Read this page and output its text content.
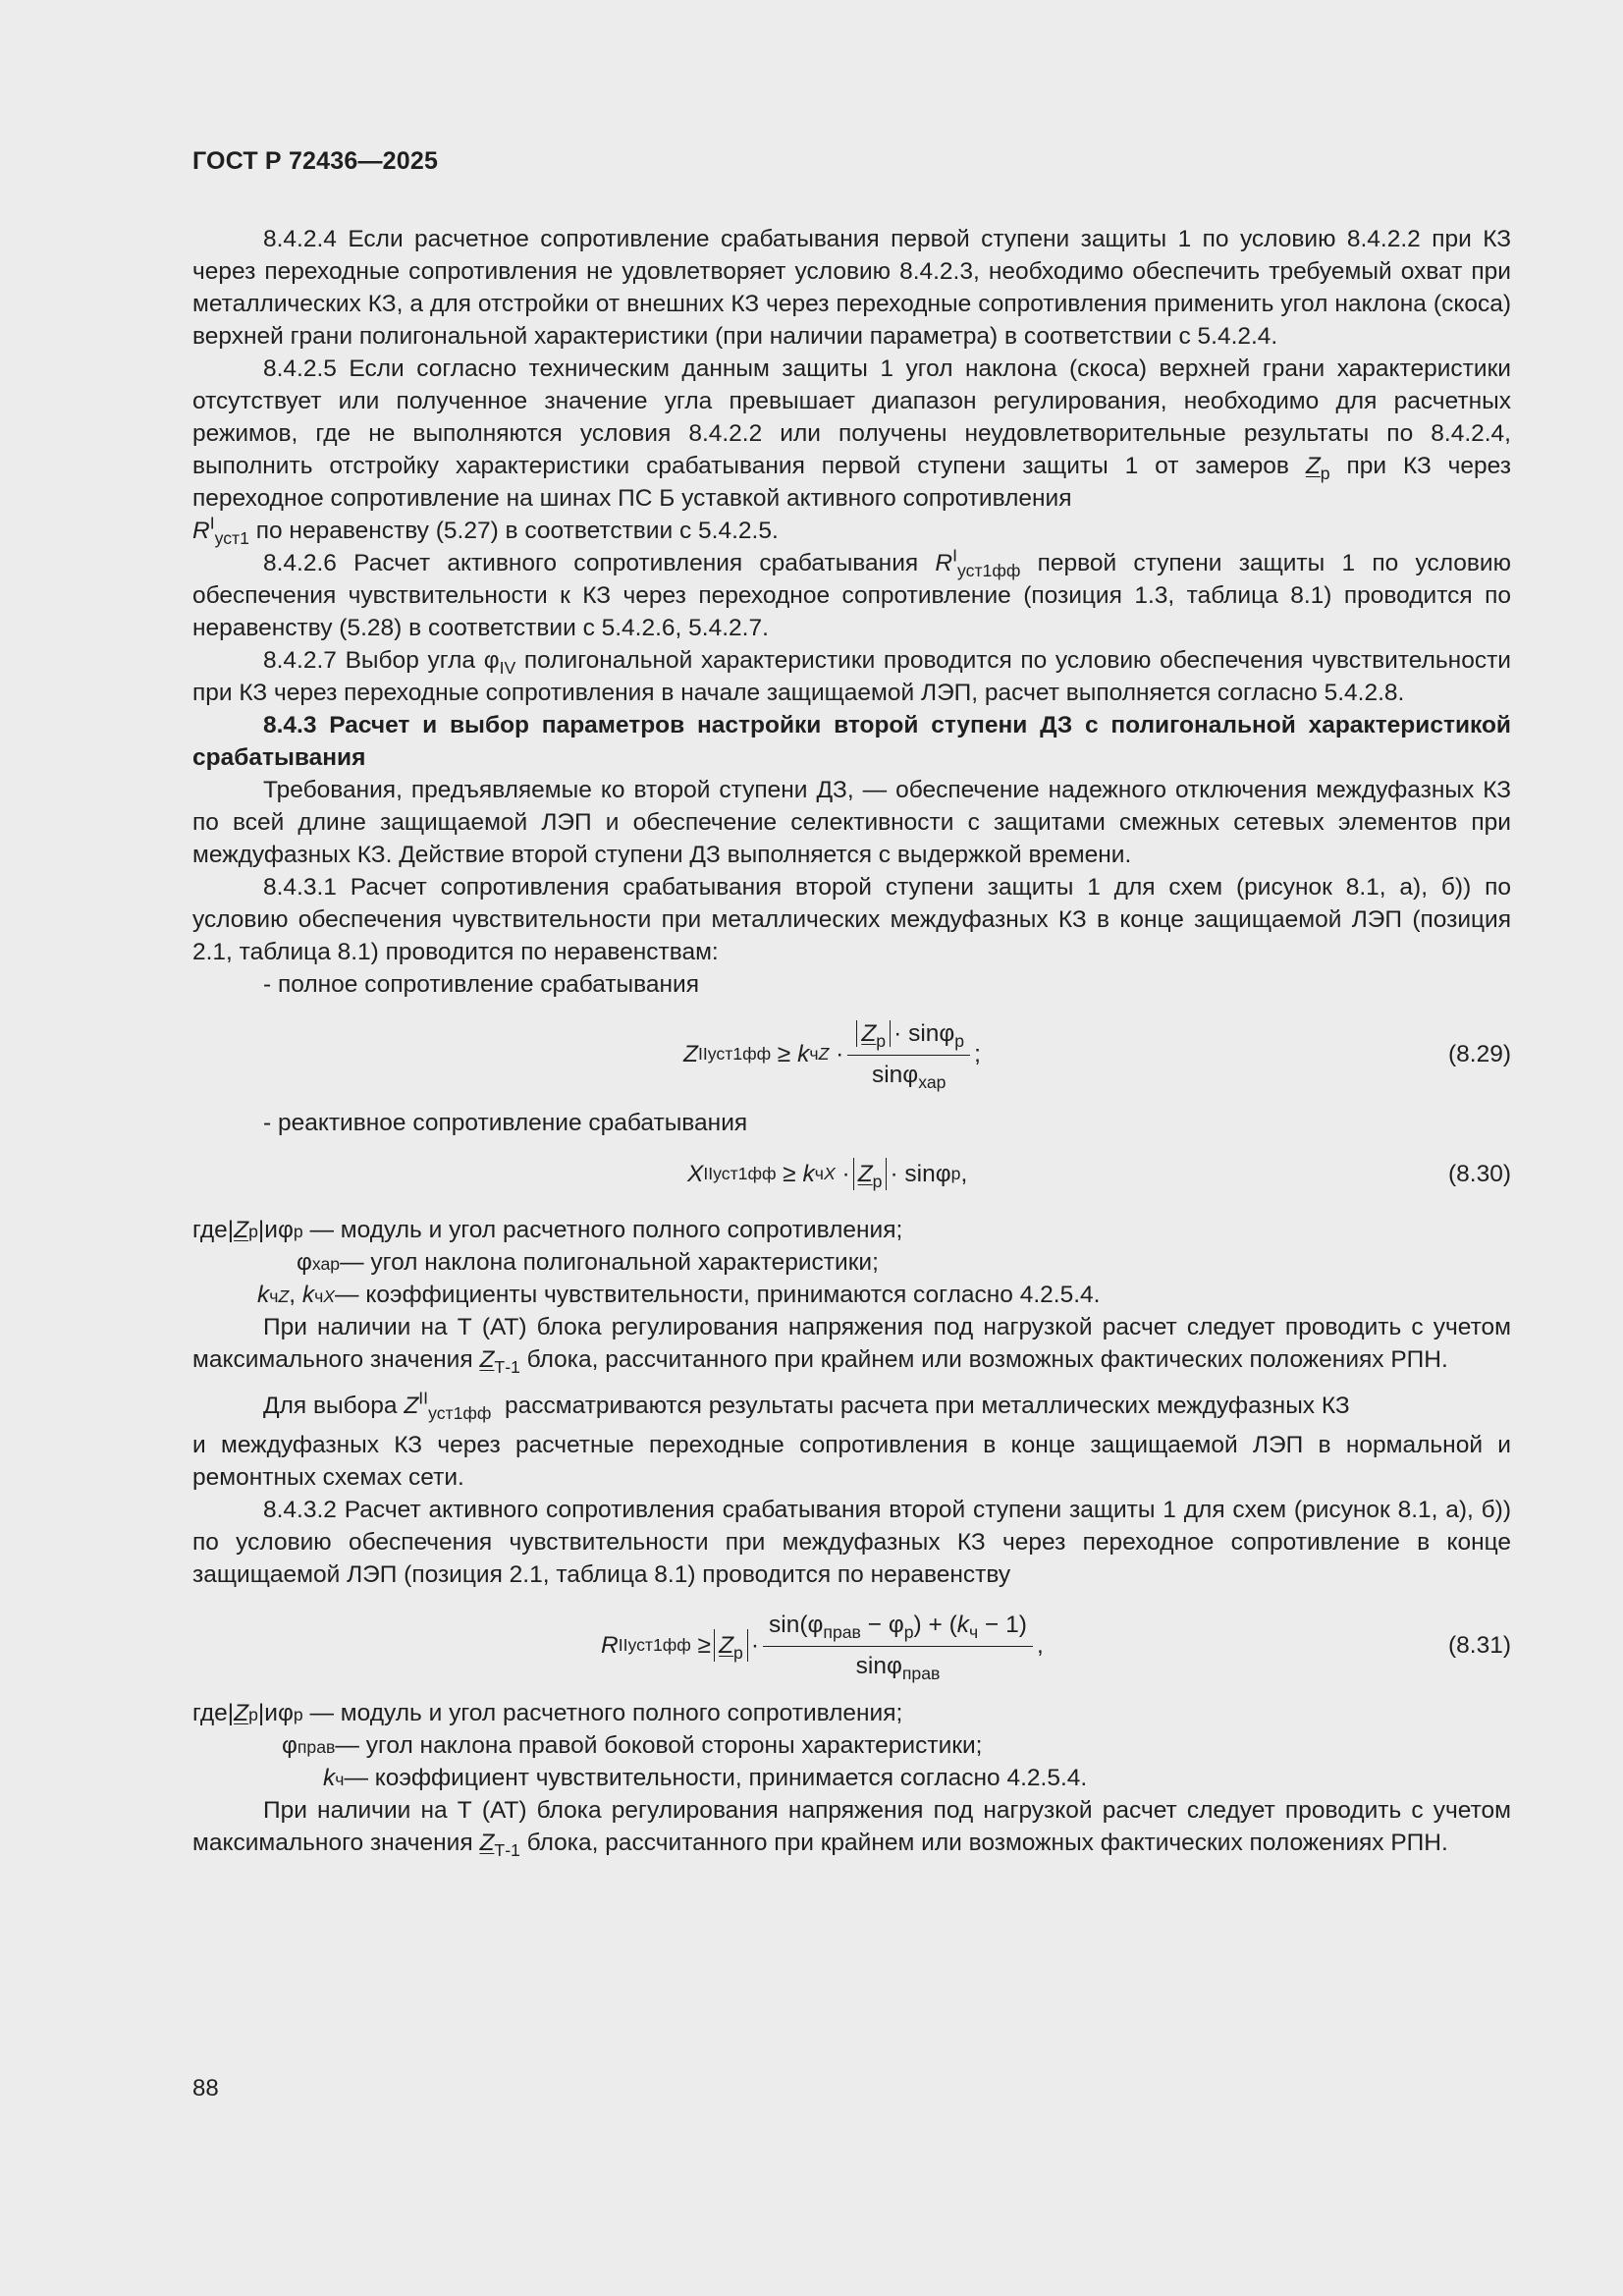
ГОСТ Р 72436—2025

8.4.2.4 Если расчетное сопротивление срабатывания первой ступени защиты 1 по условию 8.4.2.2 при КЗ через переходные сопротивления не удовлетворяет условию 8.4.2.3, необходимо обеспечить требуемый охват при металлических КЗ, а для отстройки от внешних КЗ через переходные сопротивления применить угол наклона (скоса) верхней грани полигональной характеристики (при наличии параметра) в соответствии с 5.4.2.4.

8.4.2.5 Если согласно техническим данным защиты 1 угол наклона (скоса) верхней грани характеристики отсутствует или полученное значение угла превышает диапазон регулирования, необходимо для расчетных режимов, где не выполняются условия 8.4.2.2 или получены неудовлетворительные результаты по 8.4.2.4, выполнить отстройку характеристики срабатывания первой ступени защиты 1 от замеров $Z_р$ при КЗ через переходное сопротивление на шинах ПС Б уставкой активного сопротивления
$R^I_{уст1}$ по неравенству (5.27) в соответствии с 5.4.2.5.

8.4.2.6 Расчет активного сопротивления срабатывания $R^I_{уст1фф}$ первой ступени защиты 1 по условию обеспечения чувствительности к КЗ через переходное сопротивление (позиция 1.3, таблица 8.1) проводится по неравенству (5.28) в соответствии с 5.4.2.6, 5.4.2.7.

8.4.2.7 Выбор угла $\varphi_{IV}$ полигональной характеристики проводится по условию обеспечения чувствительности при КЗ через переходные сопротивления в начале защищаемой ЛЭП, расчет выполняется согласно 5.4.2.8.

8.4.3 Расчет и выбор параметров настройки второй ступени ДЗ с полигональной характеристикой срабатывания

Требования, предъявляемые ко второй ступени ДЗ, — обеспечение надежного отключения междуфазных КЗ по всей длине защищаемой ЛЭП и обеспечение селективности с защитами смежных сетевых элементов при междуфазных КЗ. Действие второй ступени ДЗ выполняется с выдержкой времени.

8.4.3.1 Расчет сопротивления срабатывания второй ступени защиты 1 для схем (рисунок 8.1, а), б)) по условию обеспечения чувствительности при металлических междуфазных КЗ в конце защищаемой ЛЭП (позиция 2.1, таблица 8.1) проводится по неравенствам:

- полное сопротивление срабатывания

Z II уст1фф ≥ k чZ · $\frac{Z_р \cdot \sin\varphi_р}{\sin\varphi_{хар}}$ ;	(8.29)

- реактивное сопротивление срабатывания

X II уст1фф ≥ k чX · $Z_р \cdot \sin\varphi$ р ,	(8.30)
где | Z р | и φ р
— модуль и угол расчетного полного сопротивления;
φ хар — угол наклона полигональной характеристики;
k чZ , k чX — коэффициенты чувствительности, принимаются согласно 4.2.5.4.

При наличии на Т (АТ) блока регулирования напряжения под нагрузкой расчет следует проводить с учетом максимального значения $Z_{Т-1}$ блока, рассчитанного при крайнем или возможных фактических положениях РПН.

Для выбора $Z^{II}_{уст1фф}$  рассматриваются результаты расчета при металлических междуфазных КЗ

и междуфазных КЗ через расчетные переходные сопротивления в конце защищаемой ЛЭП в нормальной и ремонтных схемах сети.

8.4.3.2 Расчет активного сопротивления срабатывания второй ступени защиты 1 для схем (рисунок 8.1, а), б)) по условию обеспечения чувствительности при междуфазных КЗ через переходное сопротивление в конце защищаемой ЛЭП (позиция 2.1, таблица 8.1) проводится по неравенству

R II $уст1фф \ge Z_р \cdot \frac{\sin(\varphi_{прав} - \varphi_р) + (k_ч - 1)}{\sin\varphi_{прав}}$ ,	(8.31)
где | Z р | и φ р
— модуль и угол расчетного полного сопротивления;
φ прав — угол наклона правой боковой стороны характеристики;
k ч — коэффициент чувствительности, принимается согласно 4.2.5.4.

При наличии на Т (АТ) блока регулирования напряжения под нагрузкой расчет следует проводить с учетом максимального значения $Z_{Т-1}$ блока, рассчитанного при крайнем или возможных фактических положениях РПН.

88
